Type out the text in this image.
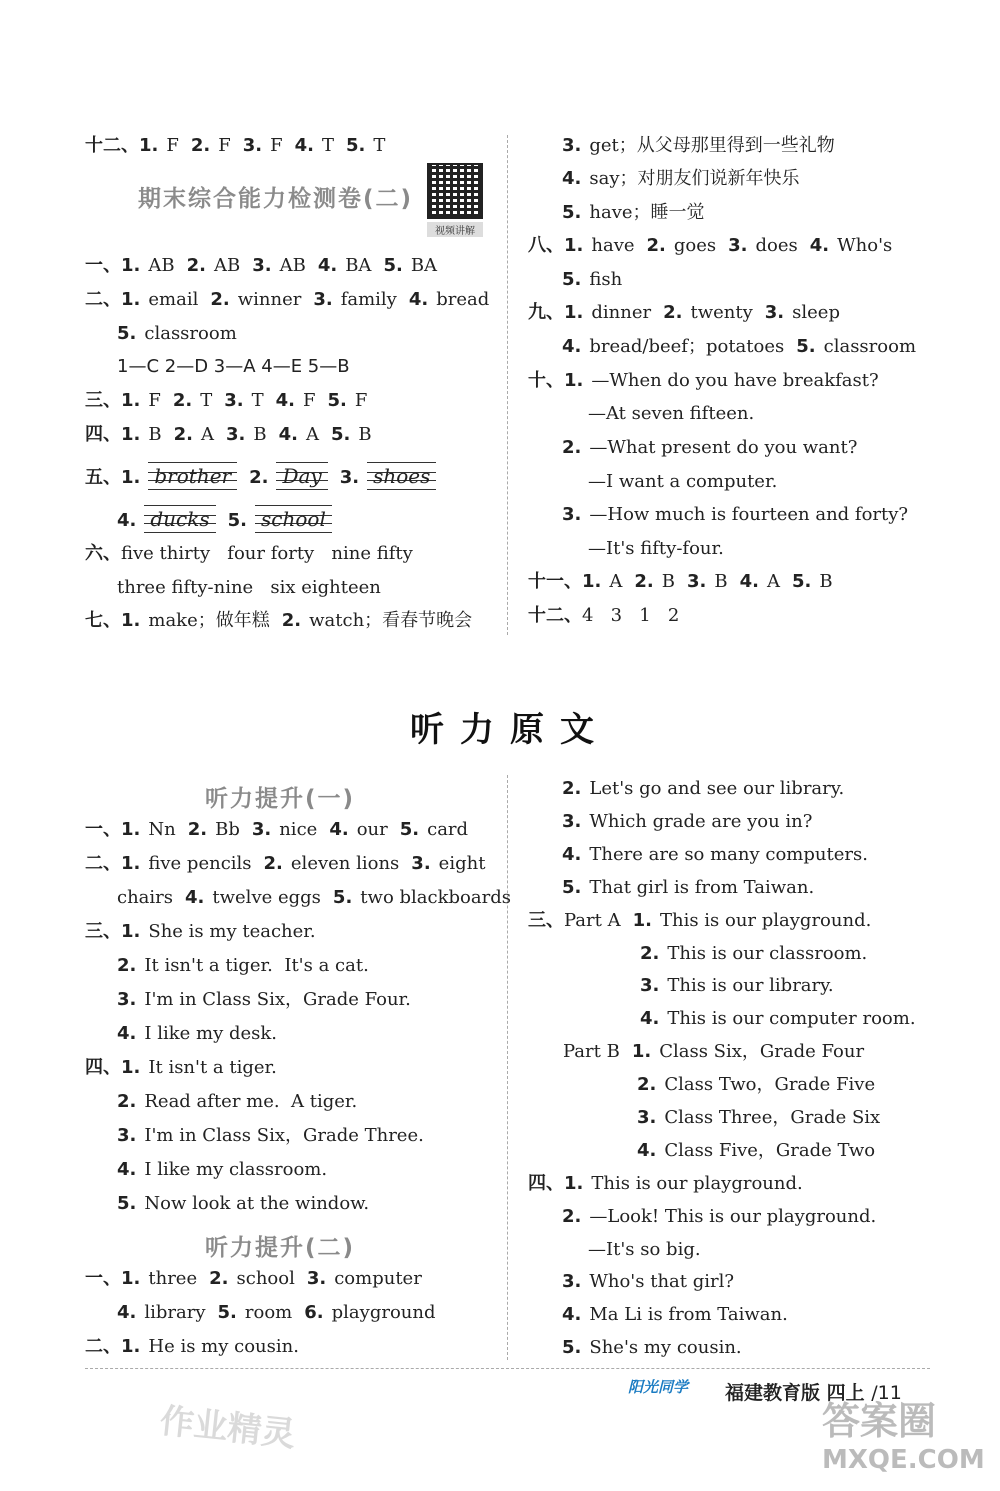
十二、1. F 2. F 3. F 4. T 5. T
期末综合能力检测卷(二)
视频讲解
一、1. AB 2. AB 3. AB 4. BA 5. BA
二、1. email 2. winner 3. family 4. bread
5. classroom
1—C 2—D 3—A 4—E 5—B
三、1. F 2. T 3. T 4. F 5. F
四、1. B 2. A 3. B 4. A 5. B
五、1. brother 2. Day 3. shoes
4. ducks 5. school
六、five thirty   four forty   nine fifty
three fifty-nine   six eighteen
七、1. make；做年糕 2. watch；看春节晚会
3. get；从父母那里得到一些礼物
4. say；对朋友们说新年快乐
5. have；睡一觉
八、1. have 2. goes 3. does 4. Who's
5. fish
九、1. dinner 2. twenty 3. sleep
4. bread/beef；potatoes 5. classroom
十、1. —When do you have breakfast?
—At seven fifteen.
2. —What present do you want?
—I want a computer.
3. —How much is fourteen and forty?
—It's fifty-four.
十一、1. A 2. B 3. B 4. A 5. B
十二、4   3   1   2
听力原文
听力提升(一)
一、1. Nn 2. Bb 3. nice 4. our 5. card
二、1. five pencils 2. eleven lions 3. eight
chairs 4. twelve eggs 5. two blackboards
三、1. She is my teacher.
2. It isn't a tiger.  It's a cat.
3. I'm in Class Six，Grade Four.
4. I like my desk.
四、1. It isn't a tiger.
2. Read after me.  A tiger.
3. I'm in Class Six，Grade Three.
4. I like my classroom.
5. Now look at the window.
听力提升(二)
一、1. three 2. school 3. computer
4. library 5. room 6. playground
二、1. He is my cousin.
2. Let's go and see our library.
3. Which grade are you in?
4. There are so many computers.
5. That girl is from Taiwan.
三、Part A 1. This is our playground.
2. This is our classroom.
3. This is our library.
4. This is our computer room.
Part B 1. Class Six，Grade Four
2. Class Two，Grade Five
3. Class Three，Grade Six
4. Class Five，Grade Two
四、1. This is our playground.
2. —Look! This is our playground.
—It's so big.
3. Who's that girl?
4. Ma Li is from Taiwan.
5. She's my cousin.
阳光同学 福建教育版 四上 /11
作业精灵	答案圈
MXQE.COM
